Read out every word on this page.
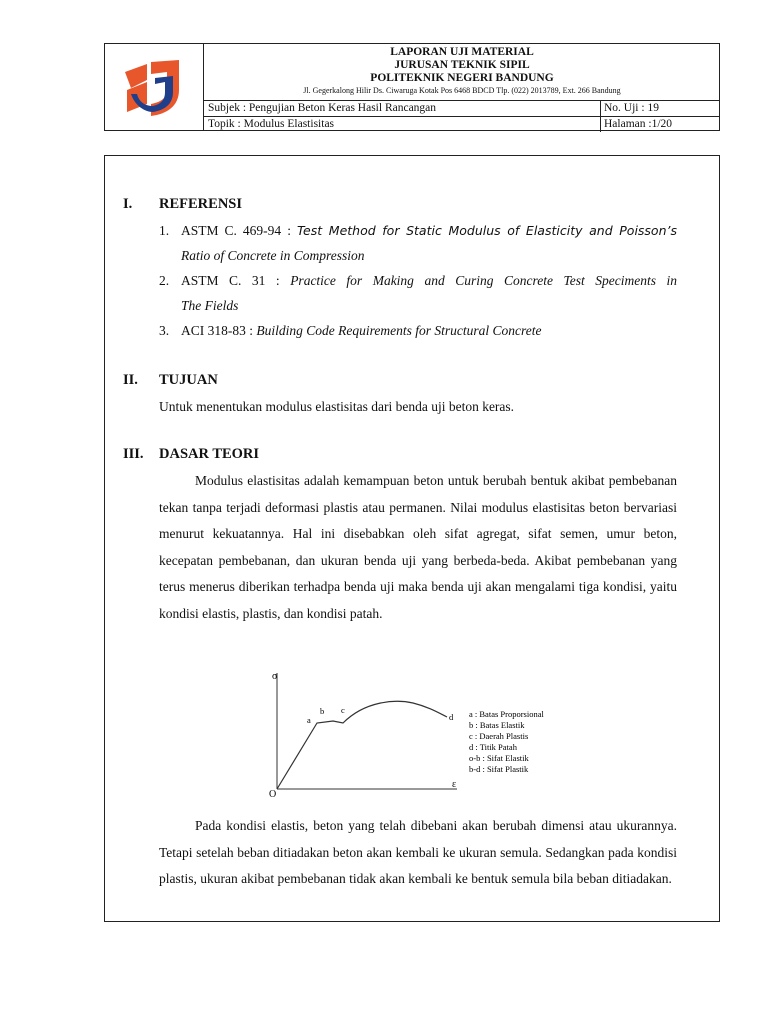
LAPORAN UJI MATERIAL
JURUSAN TEKNIK SIPIL
POLITEKNIK NEGERI BANDUNG
Jl. Gegerkalong Hilir Ds. Ciwaruga Kotak Pos 6468 BDCD Tlp. (022) 2013789, Ext. 266 Bandung
Subjek : Pengujian Beton Keras Hasil Rancangan	No. Uji : 19
Topik : Modulus Elastisitas	Halaman :1/20
I. REFERENSI
1. ASTM C. 469-94 : Test Method for Static Modulus of Elasticity and Poisson’s
Ratio of Concrete in Compression
2. ASTM C. 31 : Practice for Making and Curing Concrete Test Speciments in
The Fields
3. ACI 318-83 : Building Code Requirements for Structural Concrete
II. TUJUAN
Untuk menentukan modulus elastisitas dari benda uji beton keras.
III. DASAR TEORI
Modulus elastisitas adalah kemampuan beton untuk berubah bentuk akibat pembebanan tekan tanpa terjadi deformasi plastis atau permanen. Nilai modulus elastisitas beton bervariasi menurut kekuatannya. Hal ini disebabkan oleh sifat agregat, sifat semen, umur beton, kecepatan pembebanan, dan ukuran benda uji yang berbeda-beda. Akibat pembebanan yang terus menerus diberikan terhadpa benda uji maka benda uji akan mengalami tiga kondisi, yaitu kondisi elastis, plastis, dan kondisi patah.
σ
ε
O
a
b c
d a : Batas Proporsional
b : Batas Elastik
c : Daerah Plastis
d : Titik Patah
o-b : Sifat Elastik
b-d : Sifat Plastik
Pada kondisi elastis, beton yang telah dibebani akan berubah dimensi atau ukurannya. Tetapi setelah beban ditiadakan beton akan kembali ke ukuran semula. Sedangkan pada kondisi plastis, ukuran akibat pembebanan tidak akan kembali ke bentuk semula bila beban ditiadakan.
